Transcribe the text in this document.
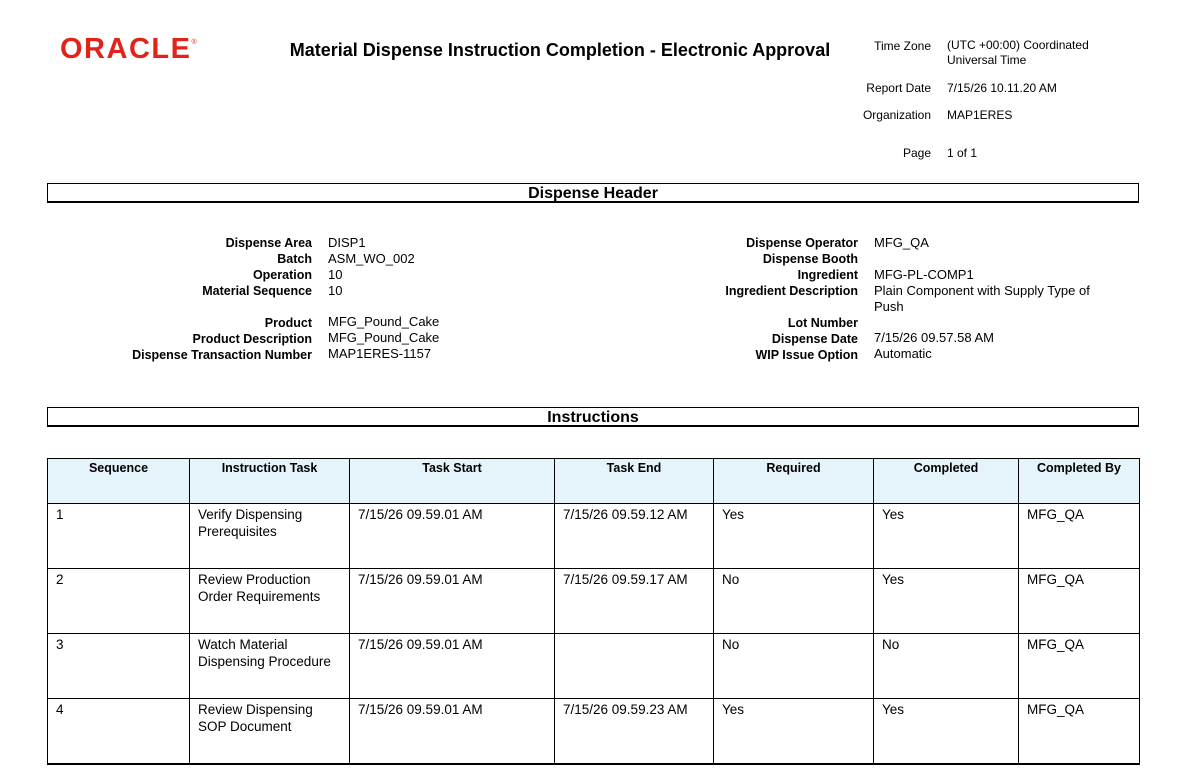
ORACLE®	Material Dispense Instruction Completion - Electronic Approval	Time Zone (UTC +00:00) Coordinated Universal Time
Report Date 7/15/26 10.11.20 AM
Organization MAP1ERES
Page 1 of 1
Dispense Header
Dispense Area DISP1
Batch ASM_WO_002
Operation 10
Material Sequence 10
Product MFG_Pound_Cake
Product Description MFG_Pound_Cake
Dispense Transaction Number MAP1ERES-1157
Dispense Operator MFG_QA
Dispense Booth
Ingredient MFG-PL-COMP1
Ingredient Description Plain Component with Supply Type of Push
Lot Number
Dispense Date 7/15/26 09.57.58 AM
WIP Issue Option Automatic
Instructions
Sequence	Instruction Task	Task Start	Task End	Required	Completed	Completed By
1	Verify Dispensing Prerequisites	7/15/26 09.59.01 AM	7/15/26 09.59.12 AM	Yes	Yes	MFG_QA
2	Review Production Order Requirements	7/15/26 09.59.01 AM	7/15/26 09.59.17 AM	No	Yes	MFG_QA
3	Watch Material Dispensing Procedure	7/15/26 09.59.01 AM		No	No	MFG_QA
4	Review Dispensing SOP Document	7/15/26 09.59.01 AM	7/15/26 09.59.23 AM	Yes	Yes	MFG_QA
